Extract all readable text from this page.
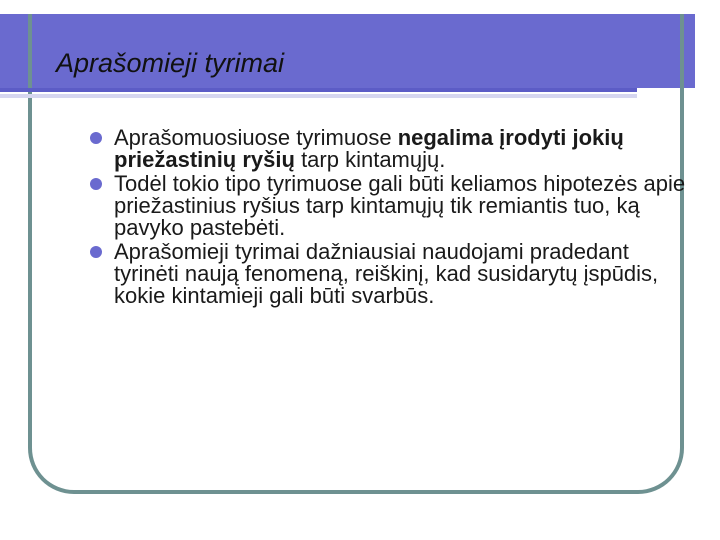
Aprašomieji tyrimai
Aprašomuosiuose tyrimuose negalima įrodyti jokių priežastinių ryšių tarp kintamųjų.
Todėl tokio tipo tyrimuose gali būti keliamos hipotezės apie priežastinius ryšius tarp kintamųjų tik remiantis tuo, ką pavyko pastebėti.
Aprašomieji tyrimai dažniausiai naudojami pradedant tyrinėti naują fenomeną, reiškinį, kad susidarytų įspūdis, kokie kintamieji gali būti svarbūs.
